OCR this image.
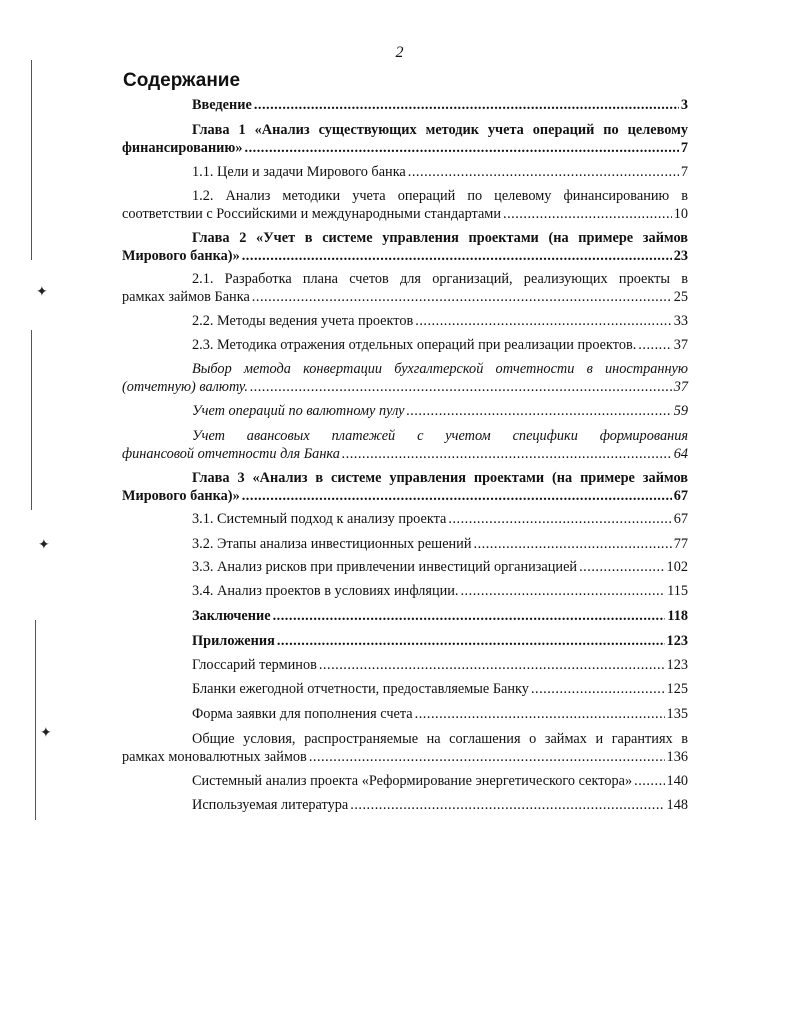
2
Содержание
✦
✦
✦
Введение .....	3
Глава 1 «Анализ существующих методик учета операций по целевому
финансированию» .....	7
1.1. Цели и задачи Мирового банка .....	7
1.2. Анализ методики учета операций по целевому финансированию в
соответствии с Российскими и международными стандартами .....	10
Глава 2 «Учет в системе управления проектами (на примере займов
Мирового банка)» .....	23
2.1. Разработка плана счетов для организаций, реализующих проекты в
рамках займов Банка .....	25
2.2. Методы ведения учета проектов .....	33
2.3. Методика отражения отдельных операций при реализации проектов. .....	37
Выбор метода конвертации бухгалтерской отчетности в иностранную
(отчетную) валюту. .....	37
Учет операций по валютному пулу .....	59
Учет авансовых платежей с учетом специфики формирования
финансовой отчетности для Банка .....	64
Глава 3 «Анализ в системе управления проектами (на примере займов
Мирового банка)» .....	67
3.1. Системный подход к анализу проекта .....	67
3.2. Этапы анализа инвестиционных решений .....	77
3.3. Анализ рисков при привлечении инвестиций организацией .....	102
3.4. Анализ проектов в условиях инфляции. .....	115
Заключение .....	118
Приложения .....	123
Глоссарий терминов .....	123
Бланки ежегодной отчетности, предоставляемые Банку .....	125
Форма заявки для пополнения счета .....	135
Общие условия, распространяемые на соглашения о займах и гарантиях в
рамках моновалютных займов .....	136
Системный анализ проекта «Реформирование энергетического сектора» ..... 140
Используемая литература .....	148
